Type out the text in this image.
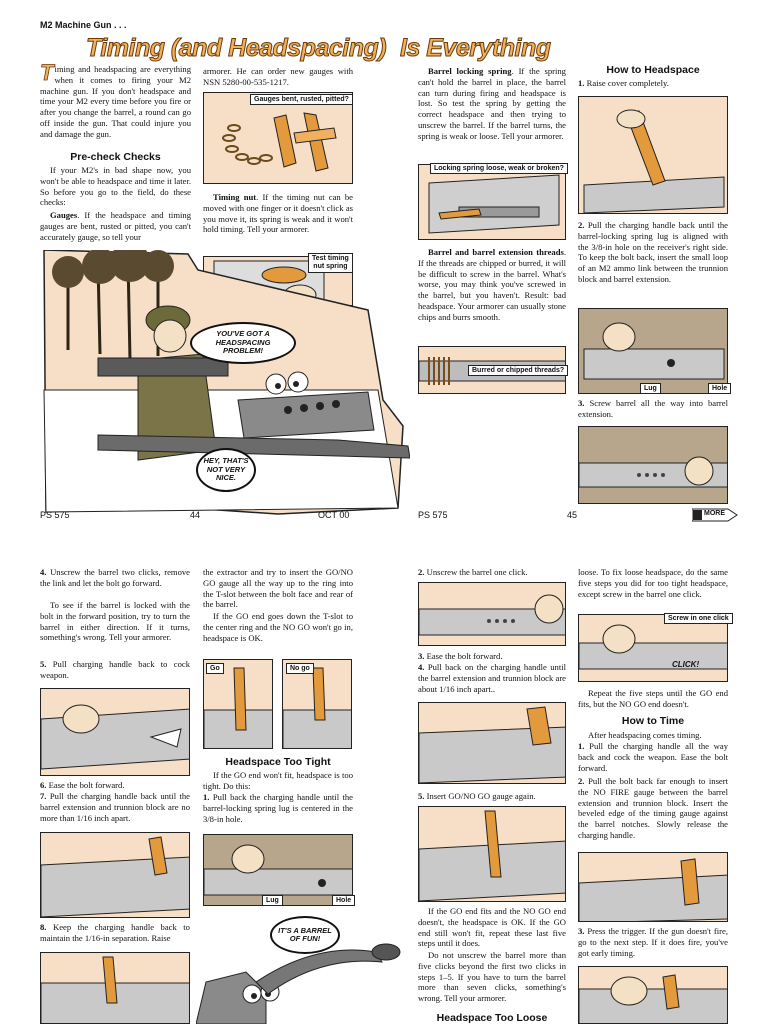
M2 Machine Gun . . .
Timing (and Headspacing) Is Everything
T iming and headspacing are everything when it comes to firing your M2 machine gun. If you don't headspace and time your M2 every time before you fire or after you change the barrel, a round can go off inside the gun. That could injure you and damage the gun.
Pre-check Checks
If your M2's in bad shape now, you won't be able to headspace and time it later. So before you go to the field, do these checks:
Gauges. If the headspace and timing gauges are bent, rusted or pitted, you can't accurately gauge, so tell your
armorer. He can order new gauges with NSN 5280-00-535-1217.
Gauges bent, rusted, pitted?
Timing nut. If the timing nut can be moved with one finger or it doesn't click as you move it, its spring is weak and it won't hold timing. Tell your armorer.
Test timing
nut spring
Barrel locking spring. If the spring can't hold the barrel in place, the barrel can turn during firing and headspace is lost. So test the spring by getting the correct headspace and then trying to unscrew the barrel. If the barrel turns, the spring is weak or loose. Tell your armorer.
Locking spring loose, weak or broken?
Barrel and barrel extension threads. If the threads are chipped or burred, it will be difficult to screw in the barrel. What's worse, you may think you've screwed in the barrel, but you haven't. Result: bad headspace. Your armorer can usually stone chips and burrs smooth.
Burred or chipped threads?
How to Headspace
1. Raise cover completely.
2. Pull the charging handle back until the barrel-locking spring lug is aligned with the 3/8-in hole on the receiver's right side. To keep the bolt back, insert the small loop of an M2 ammo link between the trunnion block and barrel extension.
Lug	Hole
3. Screw barrel all the way into barrel extension.
YOU'VE GOT A HEADSPACING PROBLEM!
HEY, THAT'S NOT VERY NICE.
PS 575	44	OCT 00	PS 575	45	MORE
4. Unscrew the barrel two clicks, remove the link and let the bolt go forward.
To see if the barrel is locked with the bolt in the forward position, try to turn the barrel in either direction. If it turns, something's wrong. Tell your armorer.
5. Pull charging handle back to cock weapon.
6. Ease the bolt forward.
7. Pull the charging handle back until the barrel extension and trunnion block are no more than 1/16 inch apart.
8. Keep the charging handle back to maintain the 1/16-in separation. Raise
the extractor and try to insert the GO/NO GO gauge all the way up to the ring into the T-slot between the bolt face and rear of the barrel.
If the GO end goes down the T-slot to the center ring and the NO GO won't go in, headspace is OK.
Go	No go
Headspace Too Tight
If the GO end won't fit, headspace is too tight. Do this:
1. Pull back the charging handle until the barrel-locking spring lug is centered in the 3/8-in hole.
Lug	Hole
IT'S A BARREL OF FUN!
2. Unscrew the barrel one click.
3. Ease the bolt forward.
4. Pull back on the charging handle until the barrel extension and trunnion block are about 1/16 inch apart..
5. Insert GO/NO GO gauge again.
If the GO end fits and the NO GO end doesn't, the headspace is OK. If the GO end still won't fit, repeat these last five steps until it does.
Do not unscrew the barrel more than five clicks beyond the first two clicks in steps 1–5. If you have to turn the barrel more than seven clicks, something's wrong. Tell your armorer.
Headspace Too Loose
loose. To fix loose headspace, do the same five steps you did for too tight headspace, except screw in the barrel one click.
Screw in one click
CLICK!
Repeat the five steps until the GO end fits, but the NO GO end doesn't.
How to Time
After headspacing comes timing.
1. Pull the charging handle all the way back and cock the weapon. Ease the bolt forward.
2. Pull the bolt back far enough to insert the NO FIRE gauge between the barrel extension and trunnion block. Insert the beveled edge of the timing gauge against the barrel notches. Slowly release the charging handle.
3. Press the trigger. If the gun doesn't fire, go to the next step. If it does fire, you've got early timing.
